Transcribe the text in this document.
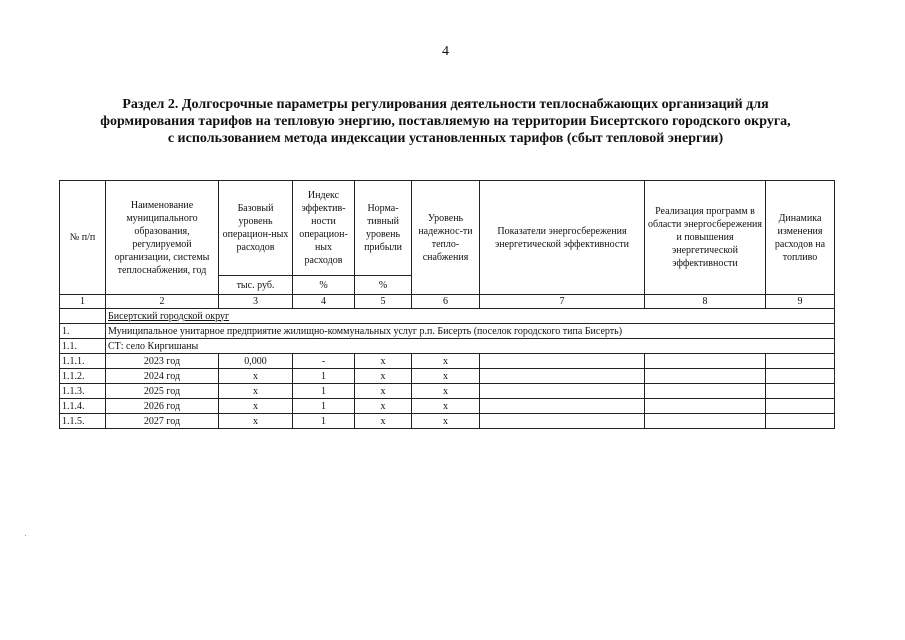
4
Раздел 2. Долгосрочные параметры регулирования деятельности теплоснабжающих организаций для
формирования тарифов на тепловую энергию, поставляемую на территории Бисертского городского округа,
с использованием метода индексации установленных тарифов (сбыт тепловой энергии)
№ п/п	Наименование муниципального образования, регулируемой организации, системы теплоснабжения, год	Базовый уровень операцион-ных расходов	Индекс эффектив-ности операцион-ных расходов	Норма-тивный уровень прибыли	Уровень надежнос-ти тепло-снабжения	Показатели энергосбережения энергетической эффективности	Реализация программ в области энергосбережения и повышения энергетической эффективности	Динамика изменения расходов на топливо
		тыс. руб.	%	%				
1	2	3	4	5	6	7	8	9
	Бисертский городской округ							
1.	Муниципальное унитарное предприятие жилищно-коммунальных услуг р.п. Бисерть (поселок городского типа Бисерть)							
1.1.	СТ: село Киргишаны							
1.1.1.	2023 год	0,000	-	x	x			
1.1.2.	2024 год	x	1	x	x			
1.1.3.	2025 год	x	1	x	x			
1.1.4.	2026 год	x	1	x	x			
1.1.5.	2027 год	x	1	x	x			
